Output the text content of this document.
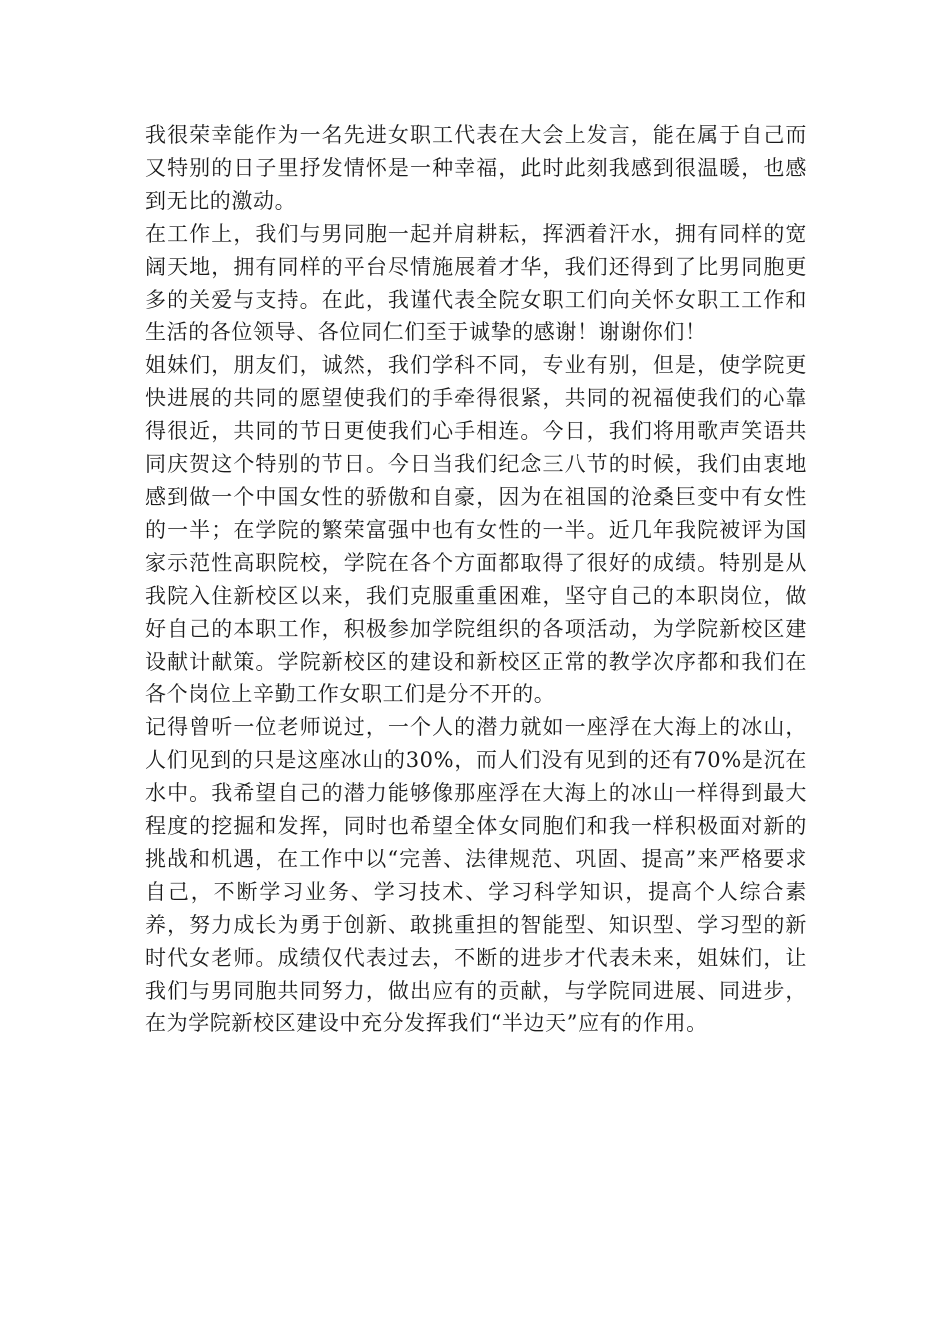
我很荣幸能作为一名先进女职工代表在大会上发言，能在属于自己而又特别的日子里抒发情怀是一种幸福，此时此刻我感到很温暖，也感到无比的激动。

在工作上，我们与男同胞一起并肩耕耘，挥洒着汗水，拥有同样的宽阔天地，拥有同样的平台尽情施展着才华，我们还得到了比男同胞更多的关爱与支持。在此，我谨代表全院女职工们向关怀女职工工作和生活的各位领导、各位同仁们至于诚挚的感谢！谢谢你们！

姐妹们，朋友们，诚然，我们学科不同，专业有别，但是，使学院更快进展的共同的愿望使我们的手牵得很紧，共同的祝福使我们的心靠得很近，共同的节日更使我们心手相连。今日，我们将用歌声笑语共同庆贺这个特别的节日。今日当我们纪念三八节的时候，我们由衷地感到做一个中国女性的骄傲和自豪，因为在祖国的沧桑巨变中有女性的一半；在学院的繁荣富强中也有女性的一半。近几年我院被评为国家示范性高职院校，学院在各个方面都取得了很好的成绩。特别是从我院入住新校区以来，我们克服重重困难，坚守自己的本职岗位，做好自己的本职工作，积极参加学院组织的各项活动，为学院新校区建设献计献策。学院新校区的建设和新校区正常的教学次序都和我们在各个岗位上辛勤工作女职工们是分不开的。

记得曾听一位老师说过，一个人的潜力就如一座浮在大海上的冰山，人们见到的只是这座冰山的30%，而人们没有见到的还有70%是沉在水中。我希望自己的潜力能够像那座浮在大海上的冰山一样得到最大程度的挖掘和发挥，同时也希望全体女同胞们和我一样积极面对新的挑战和机遇，在工作中以“完善、法律规范、巩固、提高”来严格要求自己，不断学习业务、学习技术、学习科学知识，提高个人综合素养，努力成长为勇于创新、敢挑重担的智能型、知识型、学习型的新时代女老师。成绩仅代表过去，不断的进步才代表未来，姐妹们，让我们与男同胞共同努力，做出应有的贡献，与学院同进展、同进步，在为学院新校区建设中充分发挥我们“半边天”应有的作用。
